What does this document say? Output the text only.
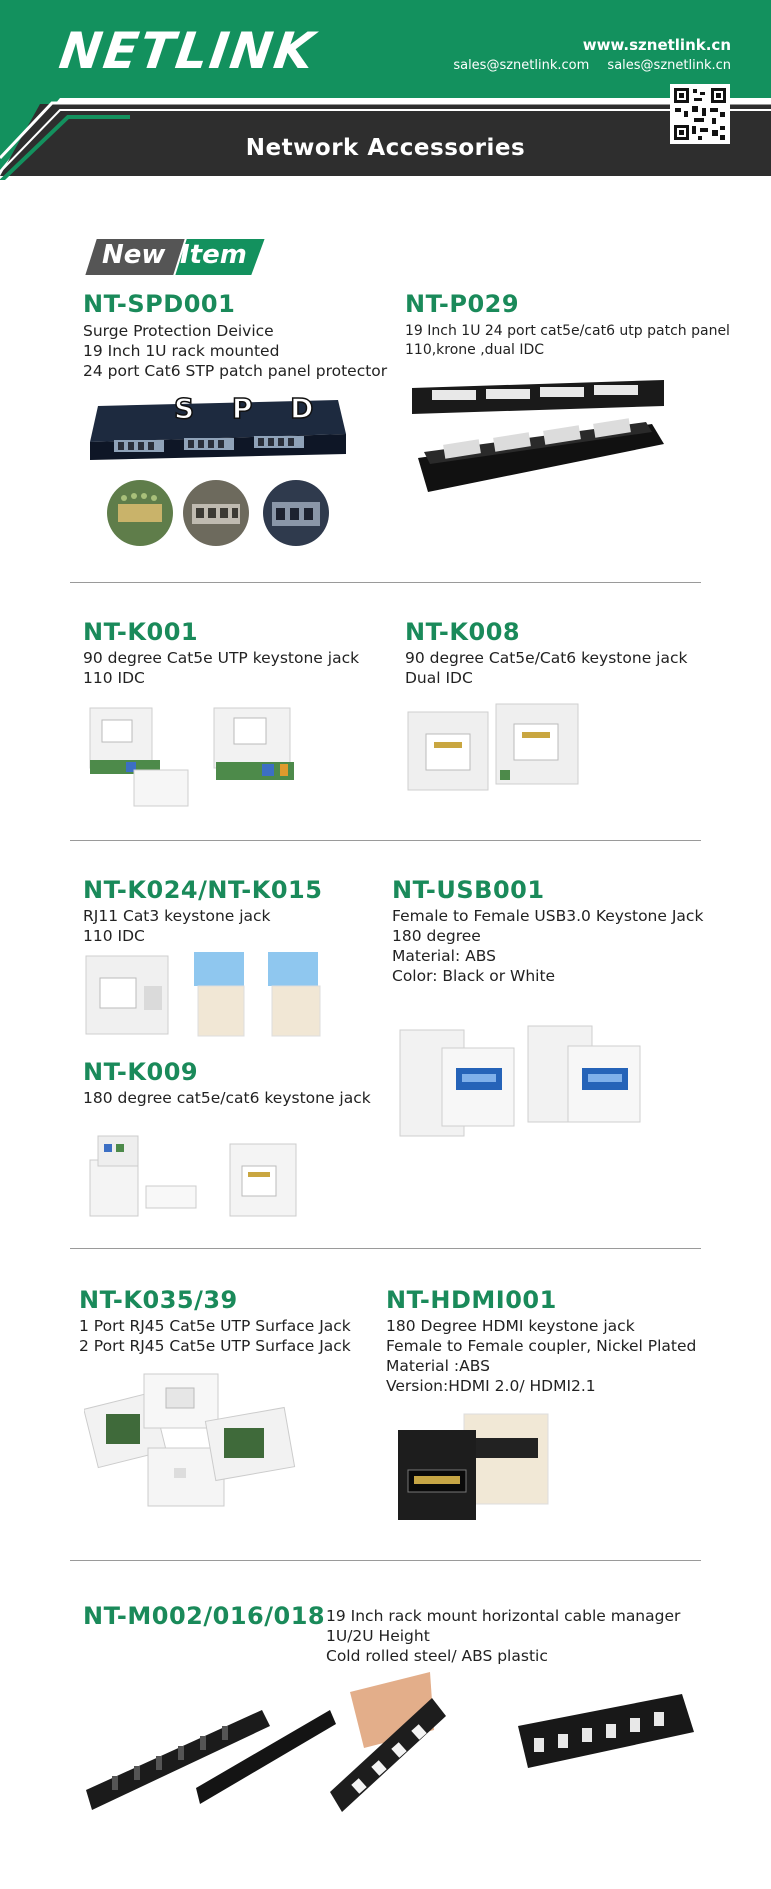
NETLINK	www.sznetlink.cn
sales@sznetlink.com sales@sznetlink.cn
Network Accessories
New Item
NT-SPD001
Surge Protection Deivice
19 Inch 1U rack mounted
24 port Cat6 STP patch panel protector
S P D
NT-P029
19 Inch 1U 24 port cat5e/cat6 utp patch panel
110,krone ,dual IDC
NT-K001
90 degree Cat5e UTP keystone jack
110 IDC
NT-K008
90 degree Cat5e/Cat6 keystone jack
Dual IDC
NT-K024/NT-K015
RJ11 Cat3 keystone jack
110 IDC
NT-K009
180 degree cat5e/cat6 keystone jack
NT-USB001
Female to Female USB3.0 Keystone Jack
180 degree
Material: ABS
Color: Black or White
NT-K035/39
1 Port RJ45 Cat5e UTP Surface Jack
2 Port RJ45 Cat5e UTP Surface Jack
NT-HDMI001
180 Degree HDMI keystone jack
Female to Female coupler, Nickel Plated
Material :ABS
Version:HDMI 2.0/ HDMI2.1
NT-M002/016/018 19 Inch rack mount horizontal cable manager
1U/2U Height
Cold rolled steel/ ABS plastic
